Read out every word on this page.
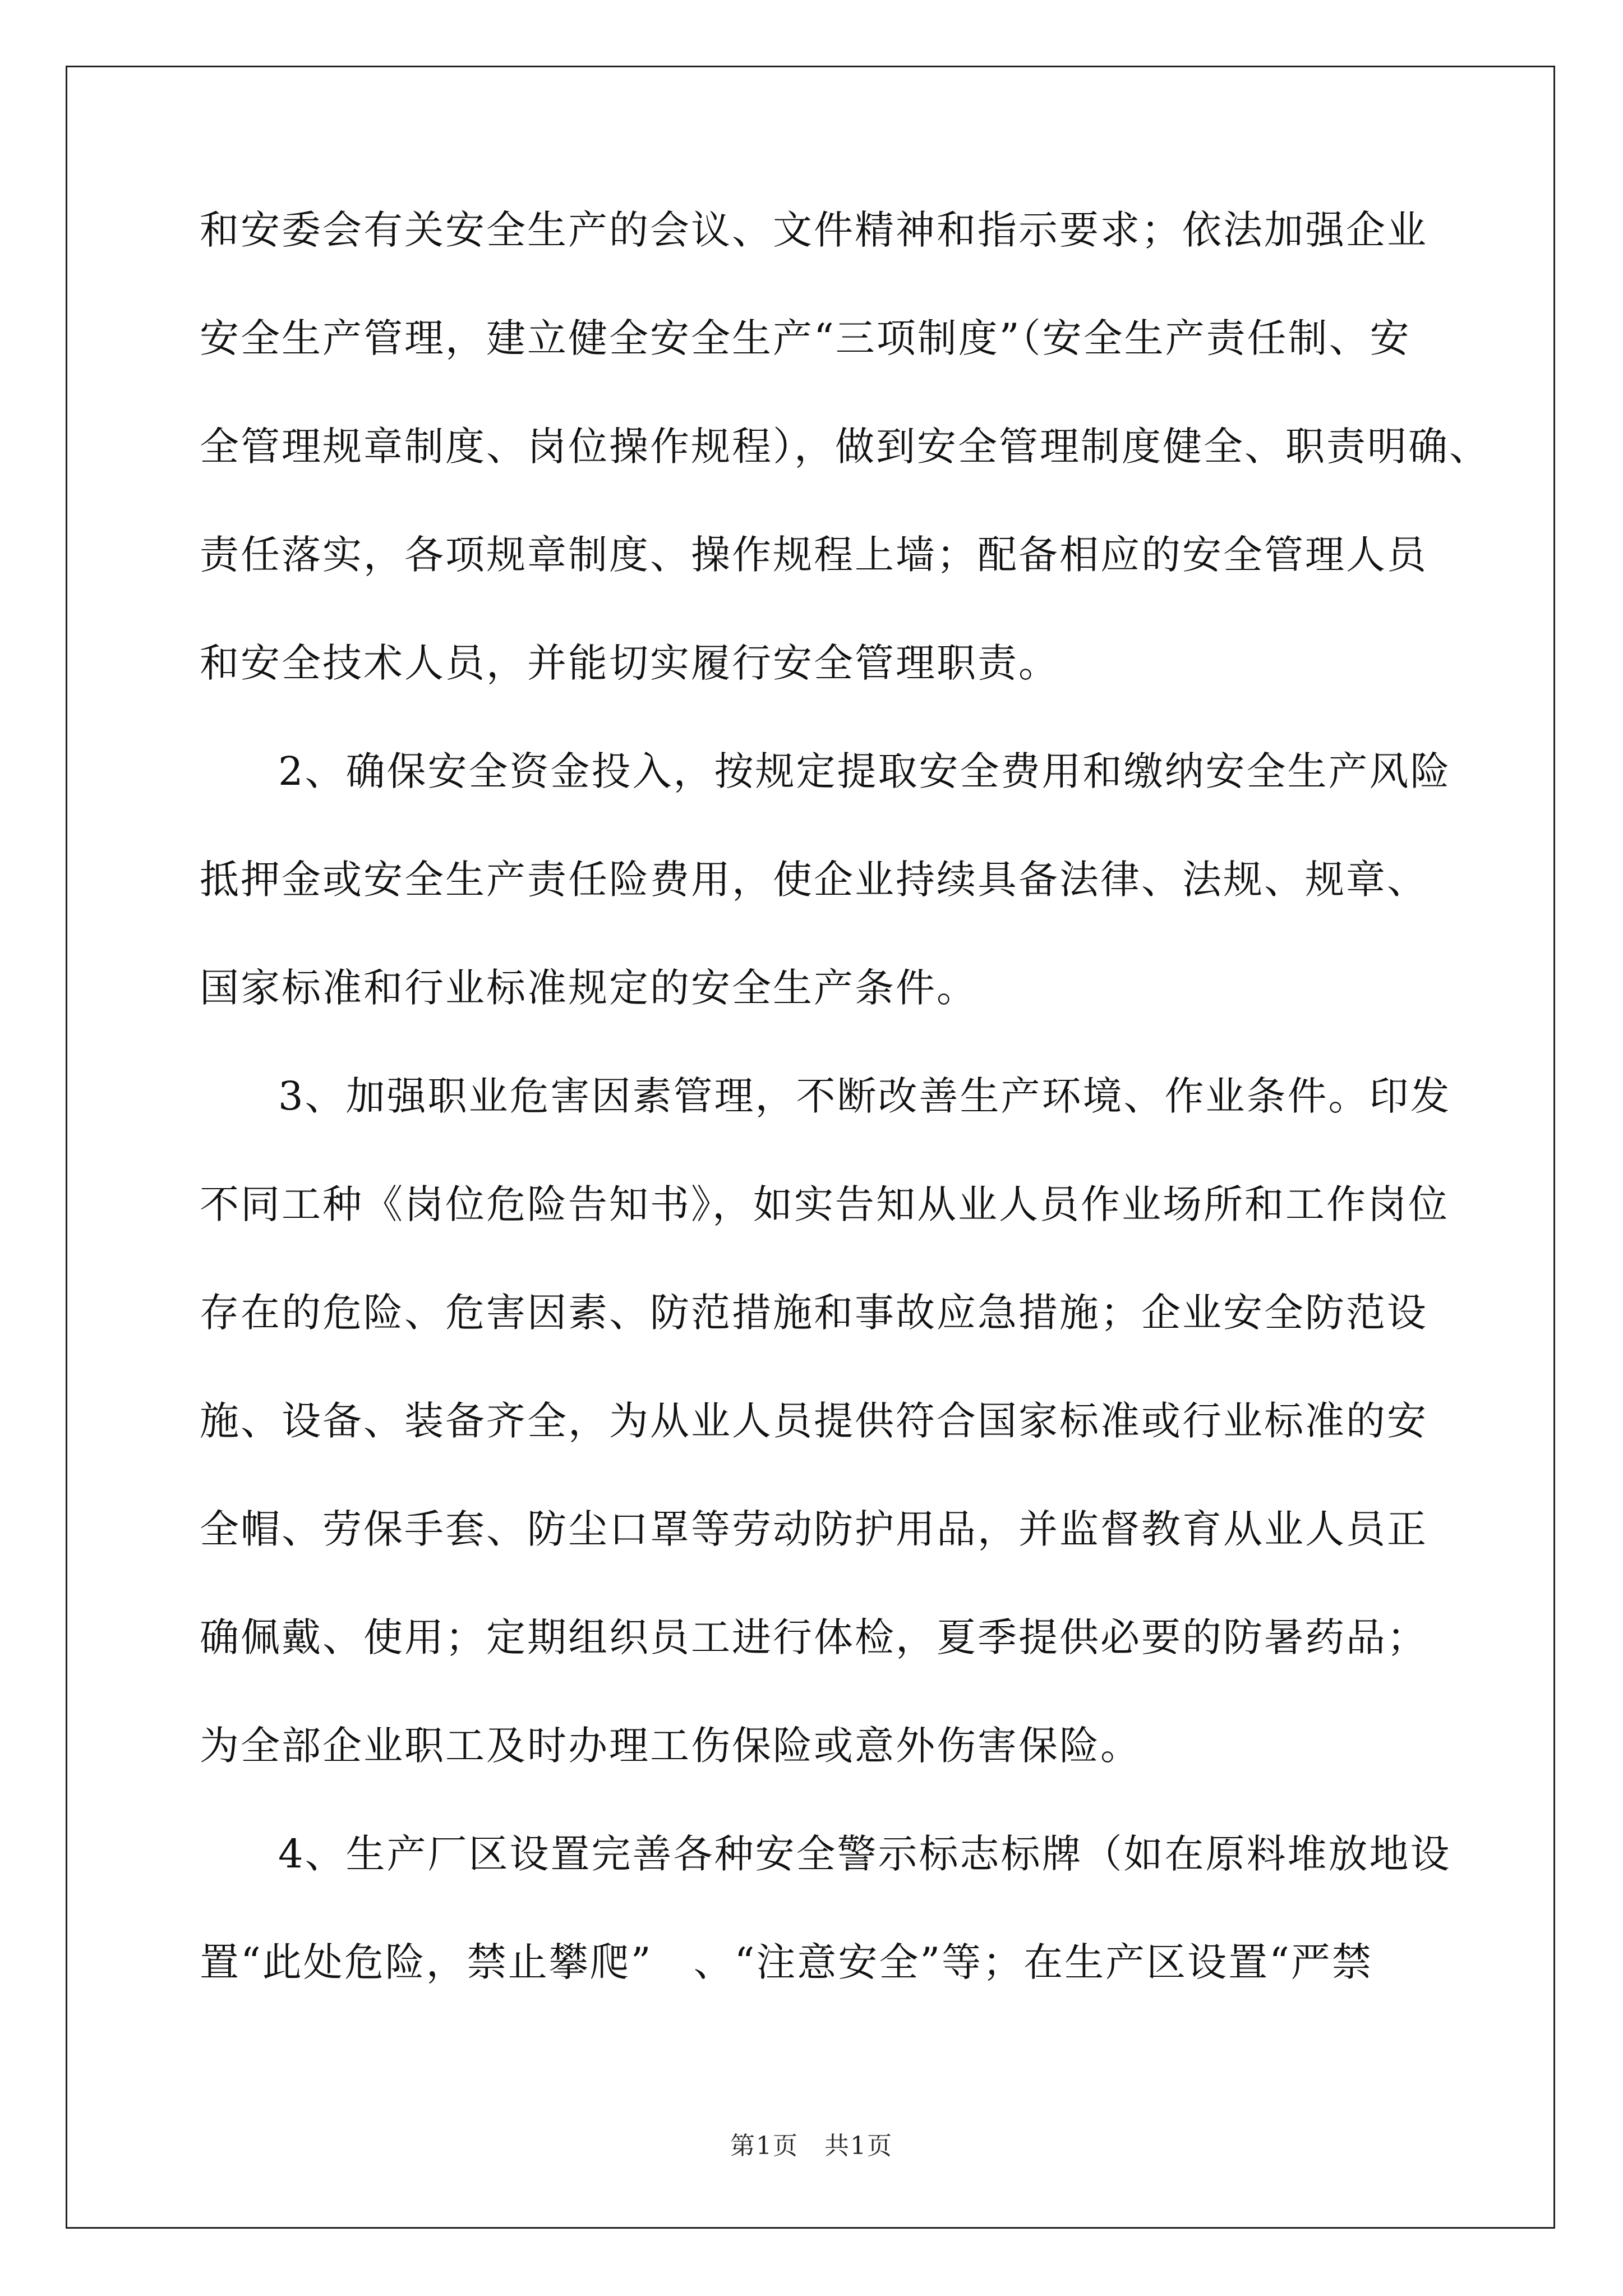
和安委会有关安全生产的会议、文件精神和指示要求；依法加强企业
安全生产管理，建立健全安全生产“三项制度”（安全生产责任制、安
全管理规章制度、岗位操作规程），做到安全管理制度健全、职责明确、
责任落实，各项规章制度、操作规程上墙；配备相应的安全管理人员
和安全技术人员，并能切实履行安全管理职责。
2、确保安全资金投入，按规定提取安全费用和缴纳安全生产风险
抵押金或安全生产责任险费用，使企业持续具备法律、法规、规章、
国家标准和行业标准规定的安全生产条件。
3、加强职业危害因素管理，不断改善生产环境、作业条件。印发
不同工种《岗位危险告知书》，如实告知从业人员作业场所和工作岗位
存在的危险、危害因素、防范措施和事故应急措施；企业安全防范设
施、设备、装备齐全，为从业人员提供符合国家标准或行业标准的安
全帽、劳保手套、防尘口罩等劳动防护用品，并监督教育从业人员正
确佩戴、使用；定期组织员工进行体检，夏季提供必要的防暑药品；
为全部企业职工及时办理工伤保险或意外伤害保险。
4、生产厂区设置完善各种安全警示标志标牌（如在原料堆放地设
置“此处危险，禁止攀爬”　、“注意安全”等；在生产区设置“严禁
第1页　共1页
